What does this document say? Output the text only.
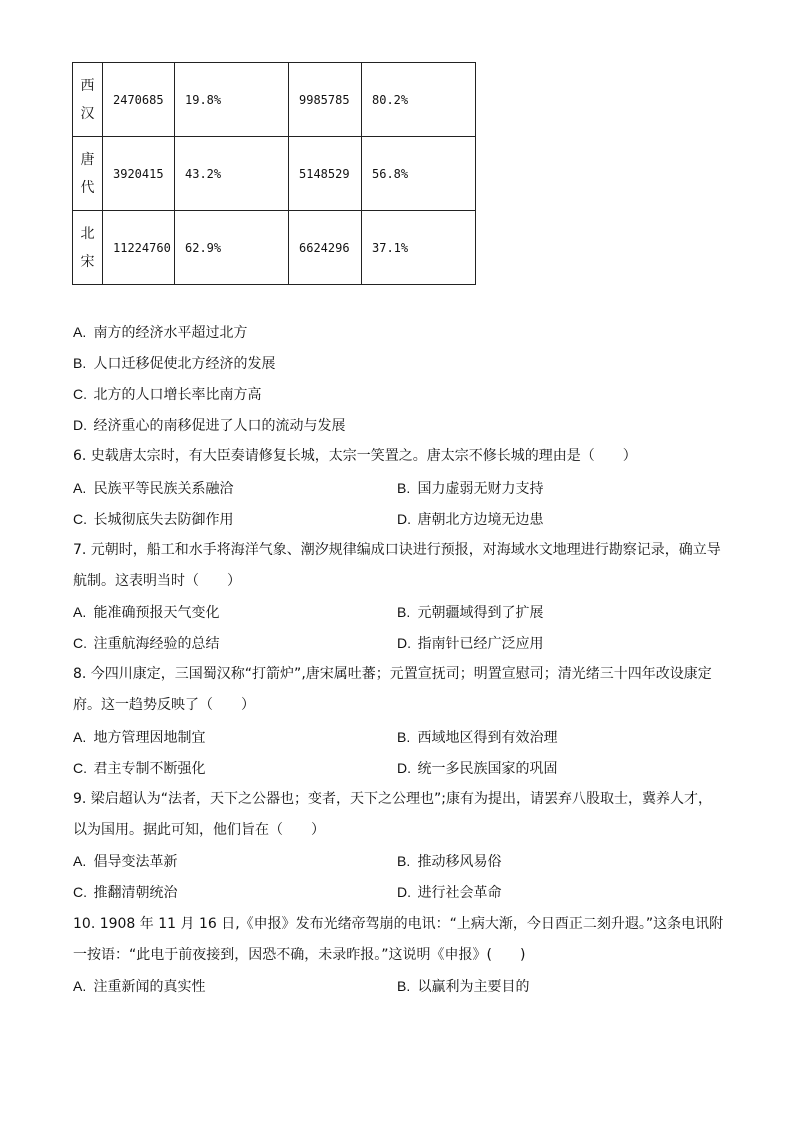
西
汉	2470685	19.8%	9985785	80.2%

唐
代	3920415	43.2%	5148529	56.8%

北
宋	11224760	62.9%	6624296	37.1%
A. 南方的经济水平超过北方
B. 人口迁移促使北方经济的发展
C. 北方的人口增长率比南方高
D. 经济重心的南移促进了人口的流动与发展
6. 史载唐太宗时，有大臣奏请修复长城，太宗一笑置之。唐太宗不修长城的理由是（　　）
A. 民族平等民族关系融洽	B. 国力虚弱无财力支持
C. 长城彻底失去防御作用	D. 唐朝北方边境无边患
7. 元朝时，船工和水手将海洋气象、潮汐规律编成口诀进行预报，对海域水文地理进行勘察记录，确立导
航制。这表明当时（　　）
A. 能准确预报天气变化	B. 元朝疆域得到了扩展
C. 注重航海经验的总结	D. 指南针已经广泛应用
8. 今四川康定，三国蜀汉称“打箭炉”,唐宋属吐蕃；元置宣抚司；明置宣慰司；清光绪三十四年改设康定
府。这一趋势反映了（　　）
A. 地方管理因地制宜	B. 西域地区得到有效治理
C. 君主专制不断强化	D. 统一多民族国家的巩固
9. 梁启超认为“法者，天下之公器也；变者，天下之公理也”;康有为提出，请罢弃八股取士，冀养人才，
以为国用。据此可知，他们旨在（　　）
A. 倡导变法革新	B. 推动移风易俗
C. 推翻清朝统治	D. 进行社会革命
10. 1908 年 11 月 16 日,《申报》发布光绪帝驾崩的电讯：“上病大渐，今日酉正二刻升遐。”这条电讯附
一按语：“此电于前夜接到，因恐不确，未录昨报。”这说明《申报》(　　)
A. 注重新闻的真实性	B. 以赢利为主要目的
